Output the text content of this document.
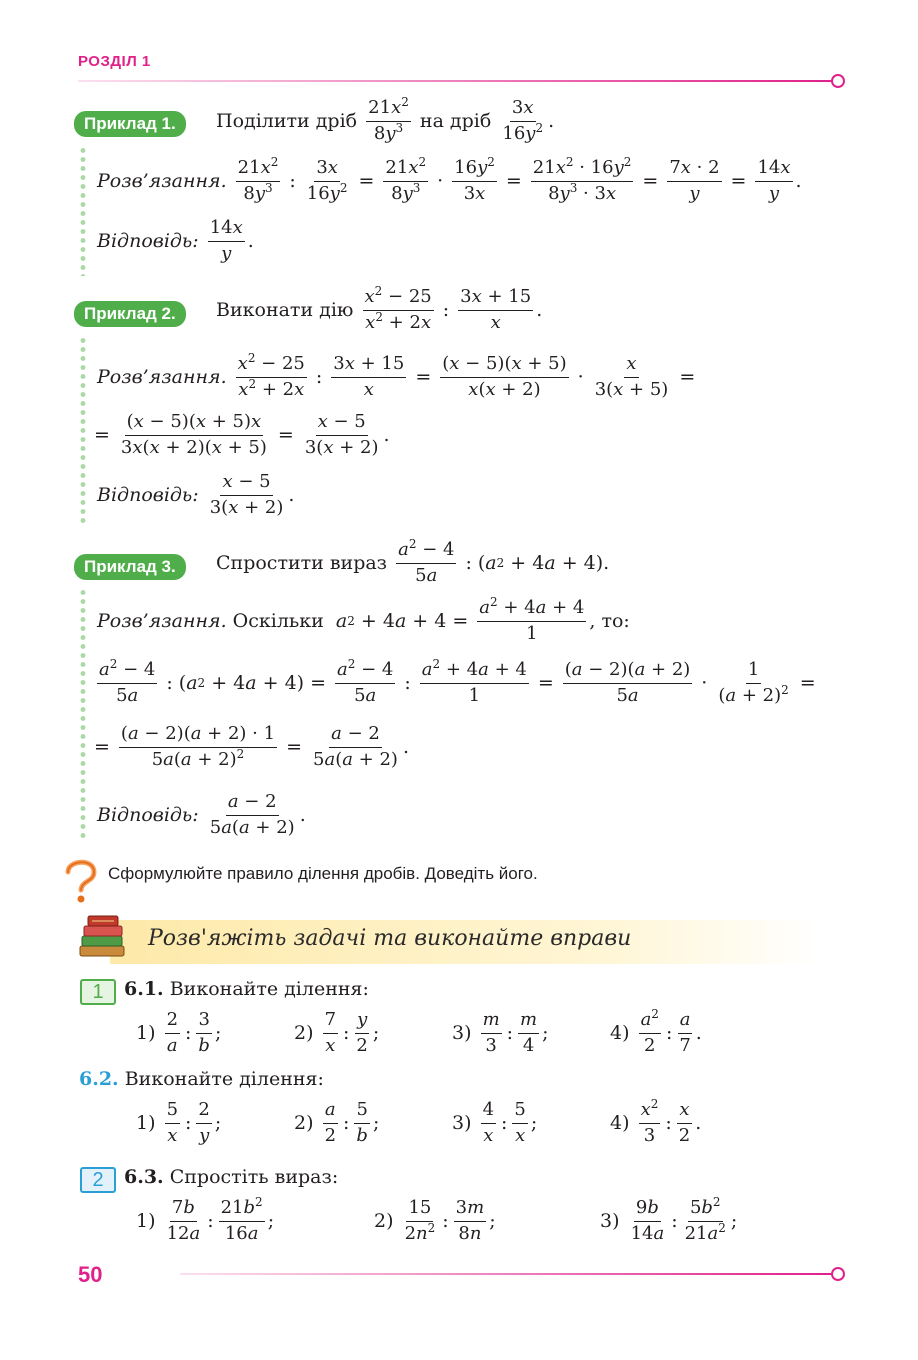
РОЗДІЛ 1
Приклад 1.	Поділити дріб
$\frac{21x^2}{8y^3}$
на дріб
$\frac{3x}{16y^2}$ .
Розв’язання.
$\frac{21x^2}{8y^3}$ : $\frac{3x}{16y^2} = \frac{21x^2}{8y^3} \cdot \frac{16y^2}{3x} = \frac{21x^2 \cdot 16y^2}{8y^3 \cdot 3x} = \frac{7x \cdot 2}{y} = \frac{14x}{y}$ .
Відповідь:
$\frac{14x}{y}$ .
Приклад 2.	Виконати дію
$\frac{x^2 - 25}{x^2 + 2x}$ : $\frac{3x + 15}{x}$ .
Розв’язання.
$\frac{x^2 - 25}{x^2 + 2x}$ : $\frac{3x + 15}{x} = \frac{(x - 5)(x + 5)}{x(x + 2)} \cdot \frac{x}{3(x + 5)}$ =
= $\frac{(x - 5)(x + 5)x}{3x(x + 2)(x + 5)} = \frac{x - 5}{3(x + 2)}$ .
Відповідь:
$\frac{x - 5}{3(x + 2)}$ .
Приклад 3.	Спростити вираз
$\frac{a^2 - 4}{5a}$ : ( a 2 + 4 a + 4).
Розв’язання.
Оскільки
a 2 + 4 $a + 4 = \frac{a^2 + 4a + 4}{1}$ , то:
$\frac{a^2 - 4}{5a}$ : ( a 2 + 4 $a + 4) = \frac{a^2 - 4}{5a}$ : $\frac{a^2 + 4a + 4}{1} = \frac{(a - 2)(a + 2)}{5a} \cdot \frac{1}{(a + 2)^2}$ =
= $\frac{(a - 2)(a + 2) \cdot 1}{5a(a + 2)^2} = \frac{a - 2}{5a(a + 2)}$ .
Відповідь:
$\frac{a - 2}{5a(a + 2)}$ .
Сформулюйте правило ділення дробів. Доведіть його.
Розв'яжіть задачі та виконайте вправи
1	6.1.
Виконайте ділення:
1)
$\frac{2}{a}$ : $\frac{3}{b}$ ;	2)
$\frac{7}{x}$ : $\frac{y}{2}$ ;	3)
$\frac{m}{3}$ : $\frac{m}{4}$ ;	4)
$\frac{a^2}{2}$ : $\frac{a}{7}$ .
6.2.
Виконайте ділення:
1)
$\frac{5}{x}$ : $\frac{2}{y}$ ;	2)
$\frac{a}{2}$ : $\frac{5}{b}$ ;	3)
$\frac{4}{x}$ : $\frac{5}{x}$ ;	4)
$\frac{x^2}{3}$ : $\frac{x}{2}$ .
2	6.3.
Спростіть вираз:
1)
$\frac{7b}{12a}$ : $\frac{21b^2}{16a}$ ;	2)
$\frac{15}{2n^2}$ : $\frac{3m}{8n}$ ;	3)
$\frac{9b}{14a}$ : $\frac{5b^2}{21a^2}$ ;
50
